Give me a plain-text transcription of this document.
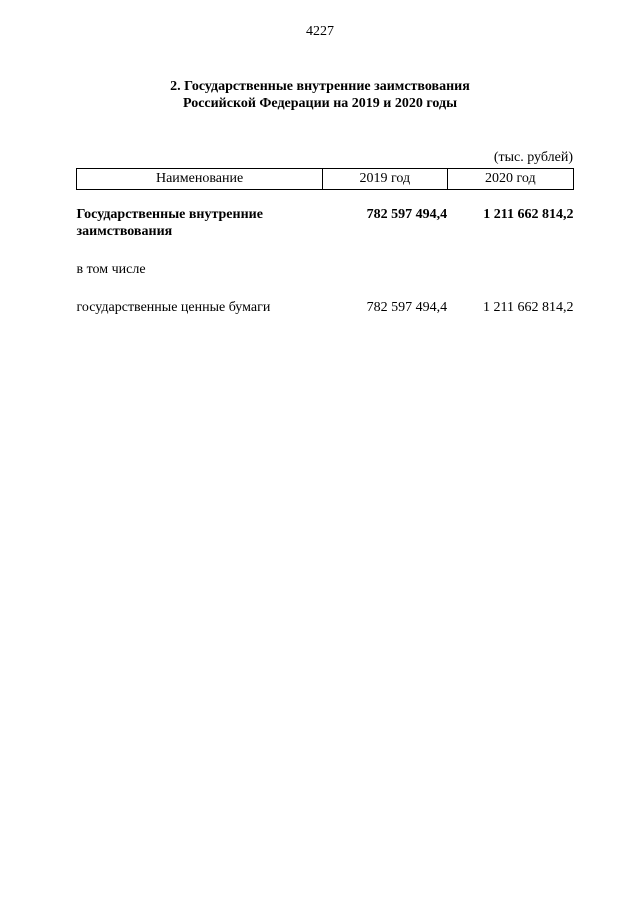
4227
2. Государственные внутренние заимствования
Российской Федерации на 2019 и 2020 годы
(тыс. рублей)
Наименование	2019 год	2020 год

Государственные внутренние
заимствования	782 597 494,4	1 211 662 814,2
в том числе		
государственные ценные бумаги	782 597 494,4	1 211 662 814,2
